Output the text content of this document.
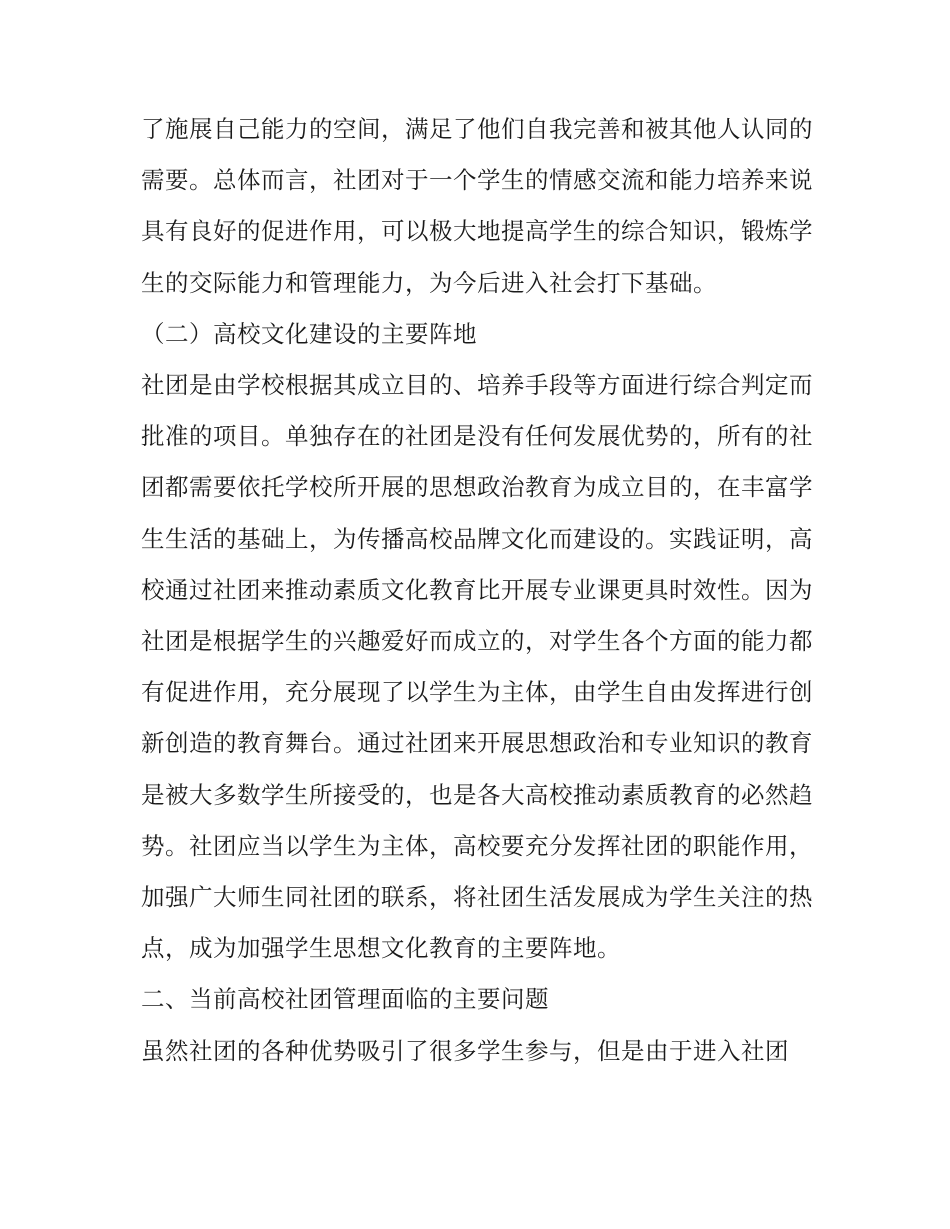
了施展自己能力的空间，满足了他们自我完善和被其他人认同的需要。总体而言，社团对于一个学生的情感交流和能力培养来说具有良好的促进作用，可以极大地提高学生的综合知识，锻炼学生的交际能力和管理能力，为今后进入社会打下基础。

（二）高校文化建设的主要阵地

社团是由学校根据其成立目的、培养手段等方面进行综合判定而批准的项目。单独存在的社团是没有任何发展优势的，所有的社团都需要依托学校所开展的思想政治教育为成立目的，在丰富学生生活的基础上，为传播高校品牌文化而建设的。实践证明，高校通过社团来推动素质文化教育比开展专业课更具时效性。因为社团是根据学生的兴趣爱好而成立的，对学生各个方面的能力都有促进作用，充分展现了以学生为主体，由学生自由发挥进行创新创造的教育舞台。通过社团来开展思想政治和专业知识的教育是被大多数学生所接受的，也是各大高校推动素质教育的必然趋势。社团应当以学生为主体，高校要充分发挥社团的职能作用，加强广大师生同社团的联系，将社团生活发展成为学生关注的热点，成为加强学生思想文化教育的主要阵地。

二、当前高校社团管理面临的主要问题

虽然社团的各种优势吸引了很多学生参与，但是由于进入社团
